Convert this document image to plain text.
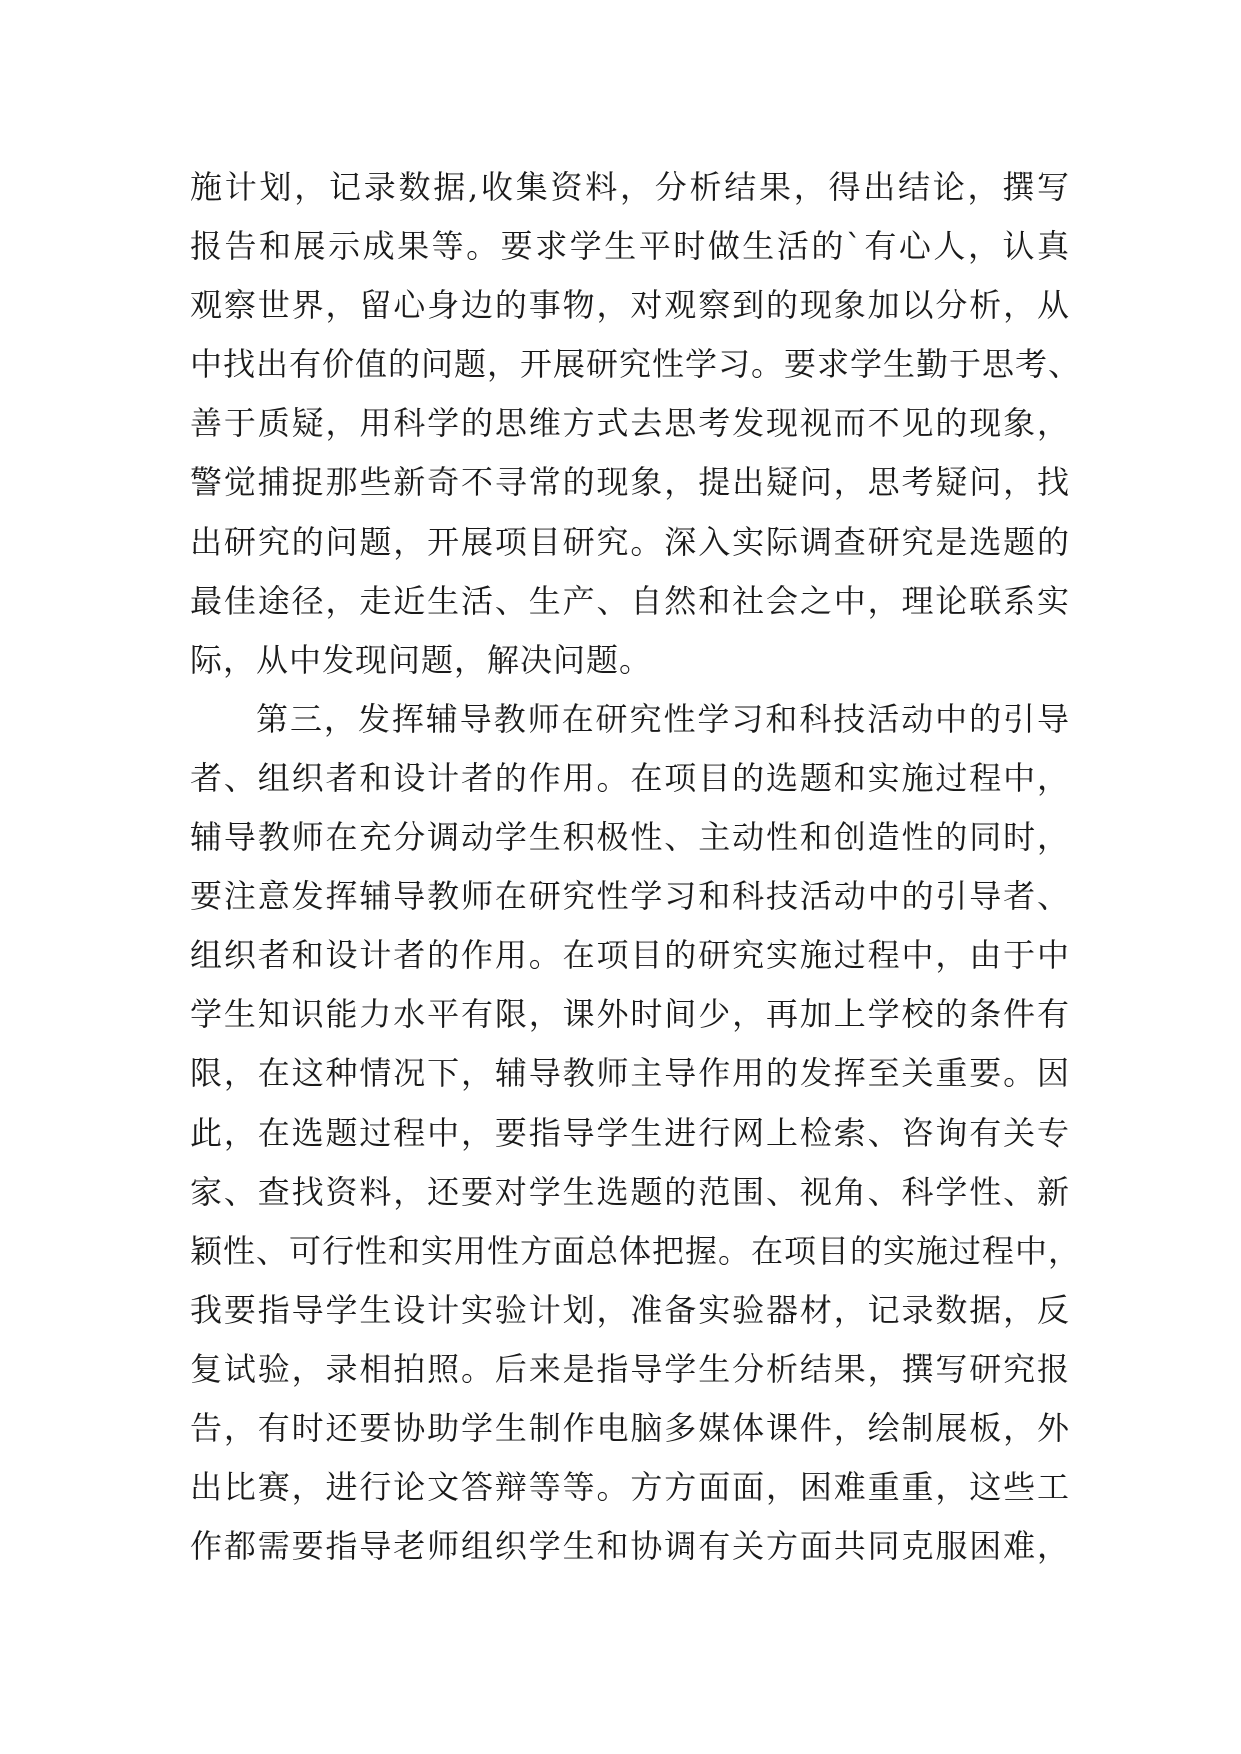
施计划，记录数据,收集资料，分析结果，得出结论，撰写
报告和展示成果等。要求学生平时做生活的`有心人，认真
观察世界，留心身边的事物，对观察到的现象加以分析，从
中找出有价值的问题，开展研究性学习。要求学生勤于思考、
善于质疑，用科学的思维方式去思考发现视而不见的现象，
警觉捕捉那些新奇不寻常的现象，提出疑问，思考疑问，找
出研究的问题，开展项目研究。深入实际调查研究是选题的
最佳途径，走近生活、生产、自然和社会之中，理论联系实
际，从中发现问题，解决问题。
第三，发挥辅导教师在研究性学习和科技活动中的引导
者、组织者和设计者的作用。在项目的选题和实施过程中，
辅导教师在充分调动学生积极性、主动性和创造性的同时，
要注意发挥辅导教师在研究性学习和科技活动中的引导者、
组织者和设计者的作用。在项目的研究实施过程中，由于中
学生知识能力水平有限，课外时间少，再加上学校的条件有
限，在这种情况下，辅导教师主导作用的发挥至关重要。因
此，在选题过程中，要指导学生进行网上检索、咨询有关专
家、查找资料，还要对学生选题的范围、视角、科学性、新
颖性、可行性和实用性方面总体把握。在项目的实施过程中，
我要指导学生设计实验计划，准备实验器材，记录数据，反
复试验，录相拍照。后来是指导学生分析结果，撰写研究报
告，有时还要协助学生制作电脑多媒体课件，绘制展板，外
出比赛，进行论文答辩等等。方方面面，困难重重，这些工
作都需要指导老师组织学生和协调有关方面共同克服困难，
